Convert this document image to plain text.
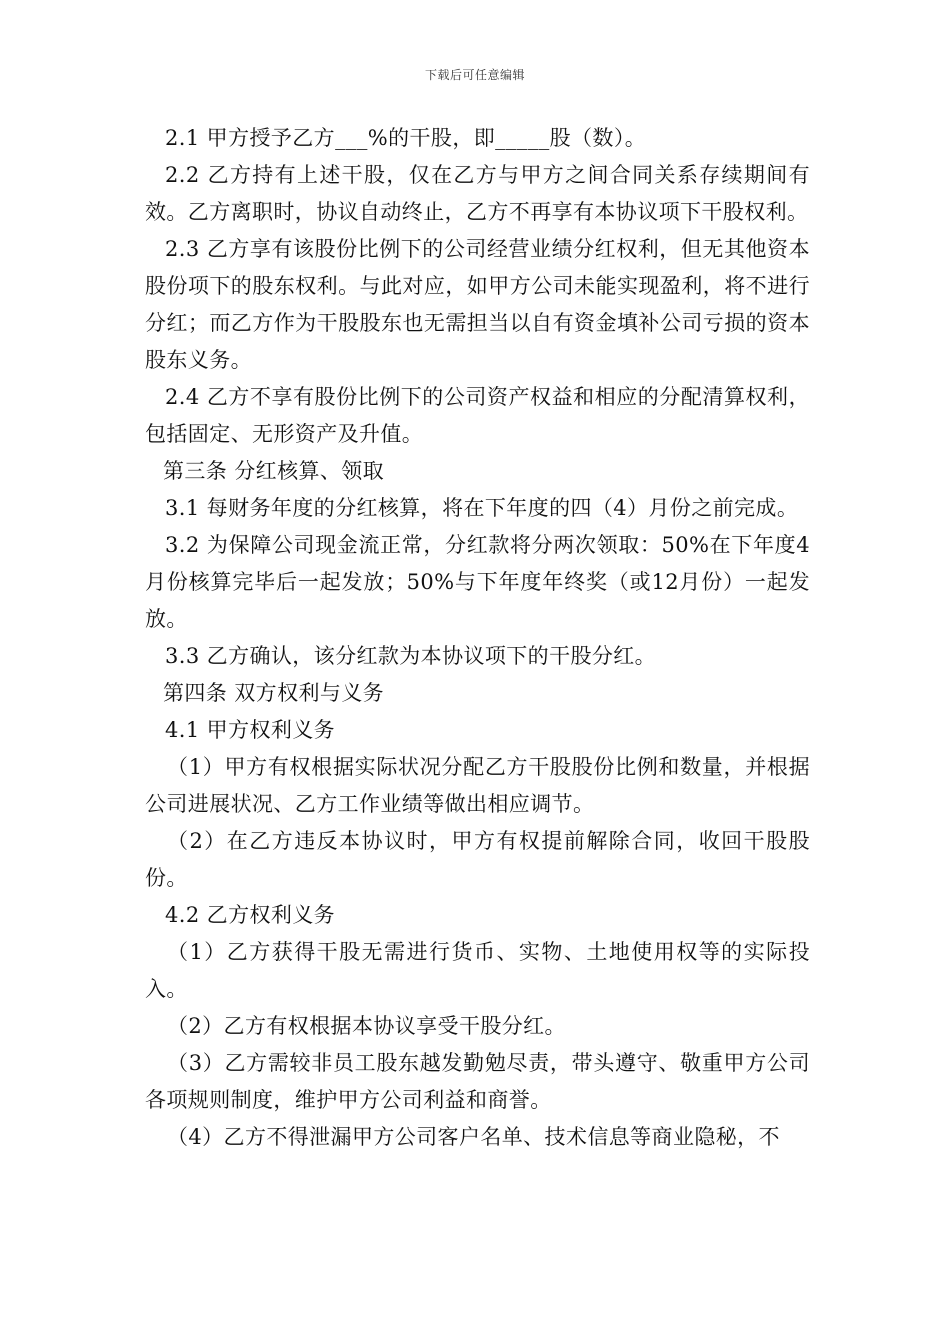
下载后可任意编辑

2.1 甲方授予乙方___%的干股，即_____股（数）。

2.2 乙方持有上述干股，仅在乙方与甲方之间合同关系存续期间有效。乙方离职时，协议自动终止，乙方不再享有本协议项下干股权利。

2.3 乙方享有该股份比例下的公司经营业绩分红权利，但无其他资本股份项下的股东权利。与此对应，如甲方公司未能实现盈利，将不进行分红；而乙方作为干股股东也无需担当以自有资金填补公司亏损的资本股东义务。

2.4 乙方不享有股份比例下的公司资产权益和相应的分配清算权利，包括固定、无形资产及升值。

第三条 分红核算、领取

3.1 每财务年度的分红核算，将在下年度的四（4）月份之前完成。

3.2 为保障公司现金流正常，分红款将分两次领取：50%在下年度4月份核算完毕后一起发放；50%与下年度年终奖（或12月份）一起发放。

3.3 乙方确认，该分红款为本协议项下的干股分红。

第四条 双方权利与义务

4.1 甲方权利义务

（1）甲方有权根据实际状况分配乙方干股股份比例和数量，并根据公司进展状况、乙方工作业绩等做出相应调节。

（2）在乙方违反本协议时，甲方有权提前解除合同，收回干股股份。

4.2 乙方权利义务

（1）乙方获得干股无需进行货币、实物、土地使用权等的实际投入。

（2）乙方有权根据本协议享受干股分红。

（3）乙方需较非员工股东越发勤勉尽责，带头遵守、敬重甲方公司各项规则制度，维护甲方公司利益和商誉。

（4）乙方不得泄漏甲方公司客户名单、技术信息等商业隐秘，不
